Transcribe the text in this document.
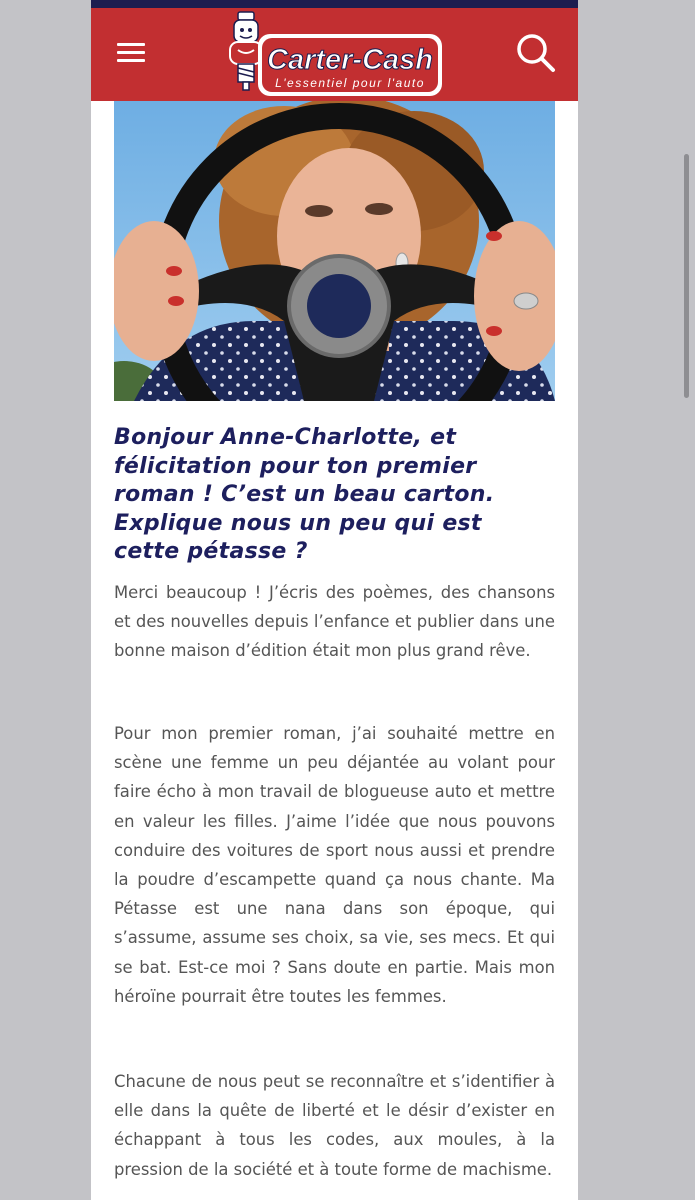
Carter-Cash
L'essentiel pour l'auto
Bonjour Anne-Charlotte, et félicitation pour ton premier roman ! C’est un beau carton. Explique nous un peu qui est cette pétasse ?

Merci beaucoup ! J’écris des poèmes, des chansons et des nouvelles depuis l’enfance et publier dans une bonne maison d’édition était mon plus grand rêve.

Pour mon premier roman, j’ai souhaité mettre en scène une femme un peu déjantée au volant pour faire écho à mon travail de blogueuse auto et mettre en valeur les filles. J’aime l’idée que nous pouvons conduire des voitures de sport nous aussi et prendre la poudre d’escampette quand ça nous chante. Ma Pétasse est une nana dans son époque, qui s’assume, assume ses choix, sa vie, ses mecs. Et qui se bat. Est-ce moi ? Sans doute en partie. Mais mon héroïne pourrait être toutes les femmes.

Chacune de nous peut se reconnaître et s’identifier à elle dans la quête de liberté et le désir d’exister en échappant à tous les codes, aux moules, à la pression de la société et à toute forme de machisme.
